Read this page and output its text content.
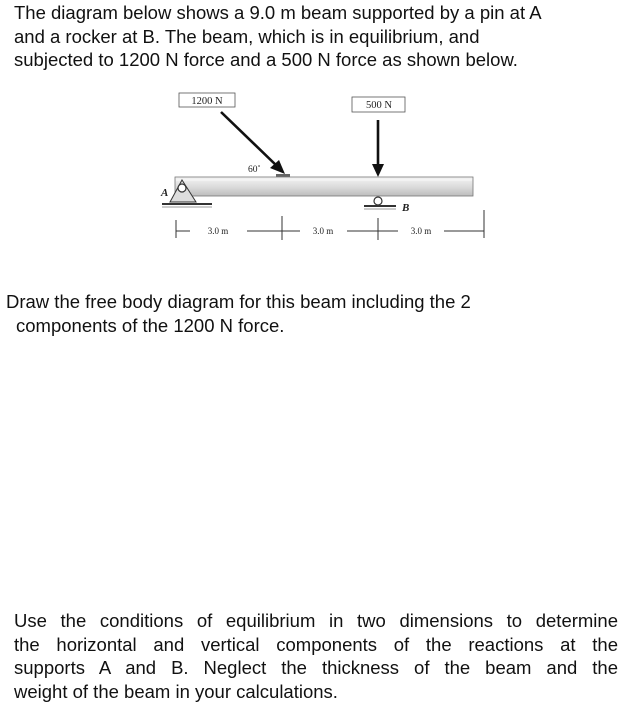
The diagram below shows a 9.0 m beam supported by a pin at A
and a rocker at B. The beam, which is in equilibrium, and
subjected to 1200 N force and a 500 N force as shown below.
1200 N	500 N
60˚
A
B
3.0 m	3.0 m	3.0 m
Draw the free body diagram for this beam including the 2
components of the 1200 N force.
Use the conditions of equilibrium in two dimensions to determine
the horizontal and vertical components of the reactions at the
supports A and B. Neglect the thickness of the beam and the
weight of the beam in your calculations.
